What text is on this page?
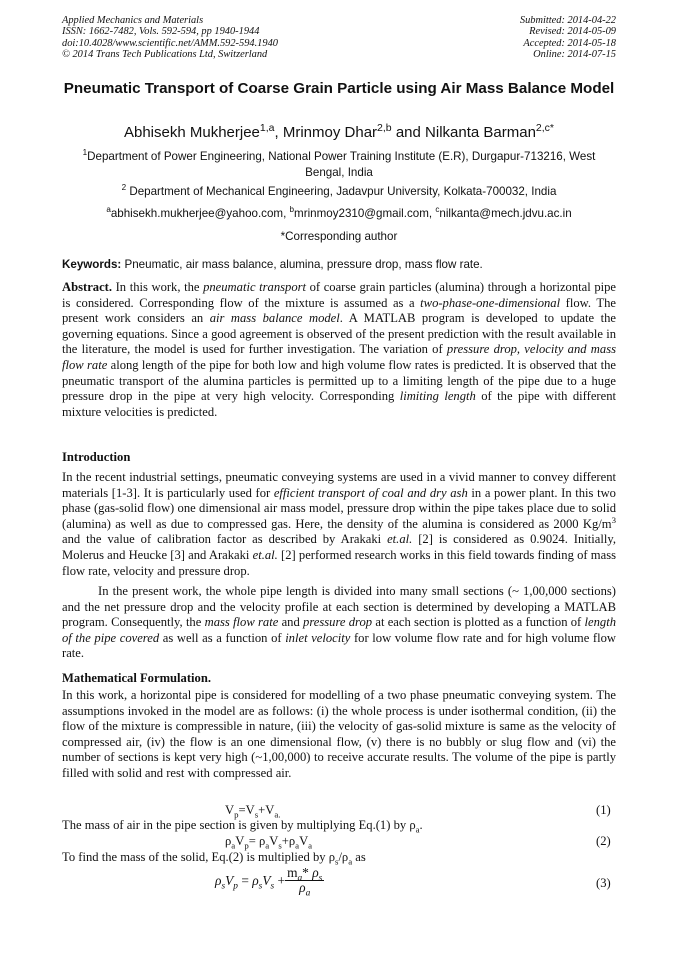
Applied Mechanics and Materials
ISSN: 1662-7482, Vols. 592-594, pp 1940-1944
doi:10.4028/www.scientific.net/AMM.592-594.1940
© 2014 Trans Tech Publications Ltd, Switzerland
Submitted: 2014-04-22
Revised: 2014-05-09
Accepted: 2014-05-18
Online: 2014-07-15
Pneumatic Transport of Coarse Grain Particle using Air Mass Balance Model
Abhisekh Mukherjee$^{1,a}$, Mrinmoy Dhar$^{2,b}$ and Nilkanta Barman$^{2,c*}$
$^1$Department of Power Engineering, National Power Training Institute (E.R), Durgapur-713216, West Bengal, India
$^2$ Department of Mechanical Engineering, Jadavpur University, Kolkata-700032, India
$^a$abhisekh.mukherjee@yahoo.com, $^b$mrinmoy2310@gmail.com, $^c$nilkanta@mech.jdvu.ac.in
*Corresponding author
Keywords: Pneumatic, air mass balance, alumina, pressure drop, mass flow rate.
Abstract. In this work, the pneumatic transport of coarse grain particles (alumina) through a horizontal pipe is considered. Corresponding flow of the mixture is assumed as a two-phase-one-dimensional flow. The present work considers an air mass balance model. A MATLAB program is developed to update the governing equations. Since a good agreement is observed of the present prediction with the result available in the literature, the model is used for further investigation. The variation of pressure drop, velocity and mass flow rate along length of the pipe for both low and high volume flow rates is predicted. It is observed that the pneumatic transport of the alumina particles is permitted up to a limiting length of the pipe due to a huge pressure drop in the pipe at very high velocity. Corresponding limiting length of the pipe with different mixture velocities is predicted.
Introduction
In the recent industrial settings, pneumatic conveying systems are used in a vivid manner to convey different materials [1-3]. It is particularly used for efficient transport of coal and dry ash in a power plant. In this two phase (gas-solid flow) one dimensional air mass model, pressure drop within the pipe takes place due to solid (alumina) as well as due to compressed gas. Here, the density of the alumina is considered as 2000 $Kg/m^3$ and the value of calibration factor as described by Arakaki et.al. [2] is considered as 0.9024. Initially, Molerus and Heucke [3] and Arakaki et.al. [2] performed research works in this field towards finding of mass flow rate, velocity and pressure drop.
In the present work, the whole pipe length is divided into many small sections (~ 1,00,000 sections) and the net pressure drop and the velocity profile at each section is determined by developing a MATLAB program. Consequently, the mass flow rate and pressure drop at each section is plotted as a function of length of the pipe covered as well as a function of inlet velocity for low volume flow rate and for high volume flow rate.
Mathematical Formulation.
In this work, a horizontal pipe is considered for modelling of a two phase pneumatic conveying system. The assumptions invoked in the model are as follows: (i) the whole process is under isothermal condition, (ii) the flow of the mixture is compressible in nature, (iii) the velocity of gas-solid mixture is same as the velocity of compressed air, (iv) the flow is an one dimensional flow, (v) there is no bubbly or slug flow and (vi) the number of sections is kept very high (~1,00,000) to receive accurate results. The volume of the pipe is partly filled with solid and rest with compressed air.
$V_p=V_s+V_{a.}$	(1)
The mass of air in the pipe section is given by multiplying Eq.(1) by $\rho_a$.
$\rho_aV_p= \rho_aV_s+\rho_aV_a$	(2)
To find the mass of the solid, Eq.(2) is multiplied by $\rho_s/\rho_a$ as
$\rho_sV_p = \rho_sV_s + \frac{m_a* \rho_s}{\rho_a}$	(3)
